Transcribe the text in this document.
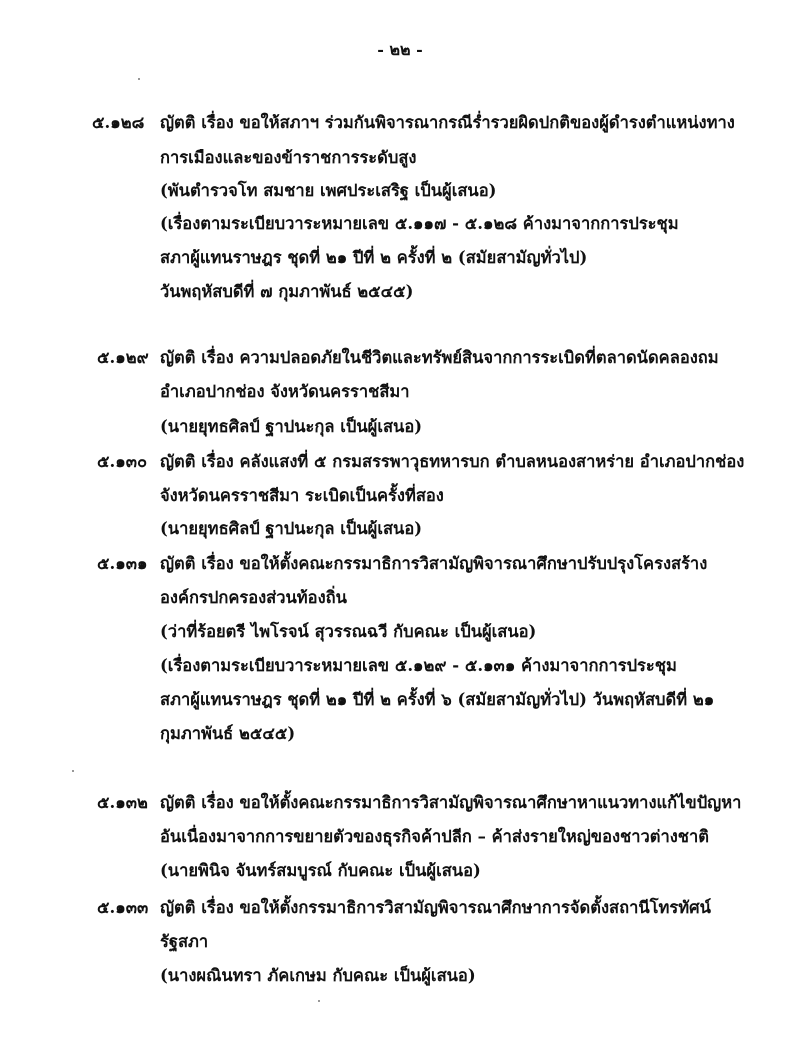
- ๒๒ -
๕.๑๒๘ ญัตติ เรื่อง ขอให้สภาฯ ร่วมกันพิจารณากรณีร่ำรวยผิดปกติของผู้ดำรงตำแหน่งทาง
การเมืองและของข้าราชการระดับสูง
(พันตำรวจโท สมชาย เพศประเสริฐ เป็นผู้เสนอ)
(เรื่องตามระเบียบวาระหมายเลข ๕.๑๑๗ - ๕.๑๒๘ ค้างมาจากการประชุม
สภาผู้แทนราษฎร ชุดที่ ๒๑ ปีที่ ๒ ครั้งที่ ๒ (สมัยสามัญทั่วไป)
วันพฤหัสบดีที่ ๗ กุมภาพันธ์ ๒๕๔๕)
๕.๑๒๙ ญัตติ เรื่อง ความปลอดภัยในชีวิตและทรัพย์สินจากการระเบิดที่ตลาดนัดคลองถม
อำเภอปากช่อง จังหวัดนครราชสีมา
(นายยุทธศิลป์ ฐาปนะกุล เป็นผู้เสนอ)
๕.๑๓๐ ญัตติ เรื่อง คลังแสงที่ ๕ กรมสรรพาวุธทหารบก ตำบลหนองสาหร่าย อำเภอปากช่อง
จังหวัดนครราชสีมา ระเบิดเป็นครั้งที่สอง
(นายยุทธศิลป์ ฐาปนะกุล เป็นผู้เสนอ)
๕.๑๓๑ ญัตติ เรื่อง ขอให้ตั้งคณะกรรมาธิการวิสามัญพิจารณาศึกษาปรับปรุงโครงสร้าง
องค์กรปกครองส่วนท้องถิ่น
(ว่าที่ร้อยตรี ไพโรจน์ สุวรรณฉวี กับคณะ เป็นผู้เสนอ)
(เรื่องตามระเบียบวาระหมายเลข ๕.๑๒๙ - ๕.๑๓๑ ค้างมาจากการประชุม
สภาผู้แทนราษฎร ชุดที่ ๒๑ ปีที่ ๒ ครั้งที่ ๖ (สมัยสามัญทั่วไป) วันพฤหัสบดีที่ ๒๑
กุมภาพันธ์ ๒๕๔๕)
๕.๑๓๒ ญัตติ เรื่อง ขอให้ตั้งคณะกรรมาธิการวิสามัญพิจารณาศึกษาหาแนวทางแก้ไขปัญหา
อันเนื่องมาจากการขยายตัวของธุรกิจค้าปลีก – ค้าส่งรายใหญ่ของชาวต่างชาติ
(นายพินิจ จันทร์สมบูรณ์ กับคณะ เป็นผู้เสนอ)
๕.๑๓๓ ญัตติ เรื่อง ขอให้ตั้งกรรมาธิการวิสามัญพิจารณาศึกษาการจัดตั้งสถานีโทรทัศน์
รัฐสภา
(นางผณินทรา ภัคเกษม กับคณะ เป็นผู้เสนอ)
